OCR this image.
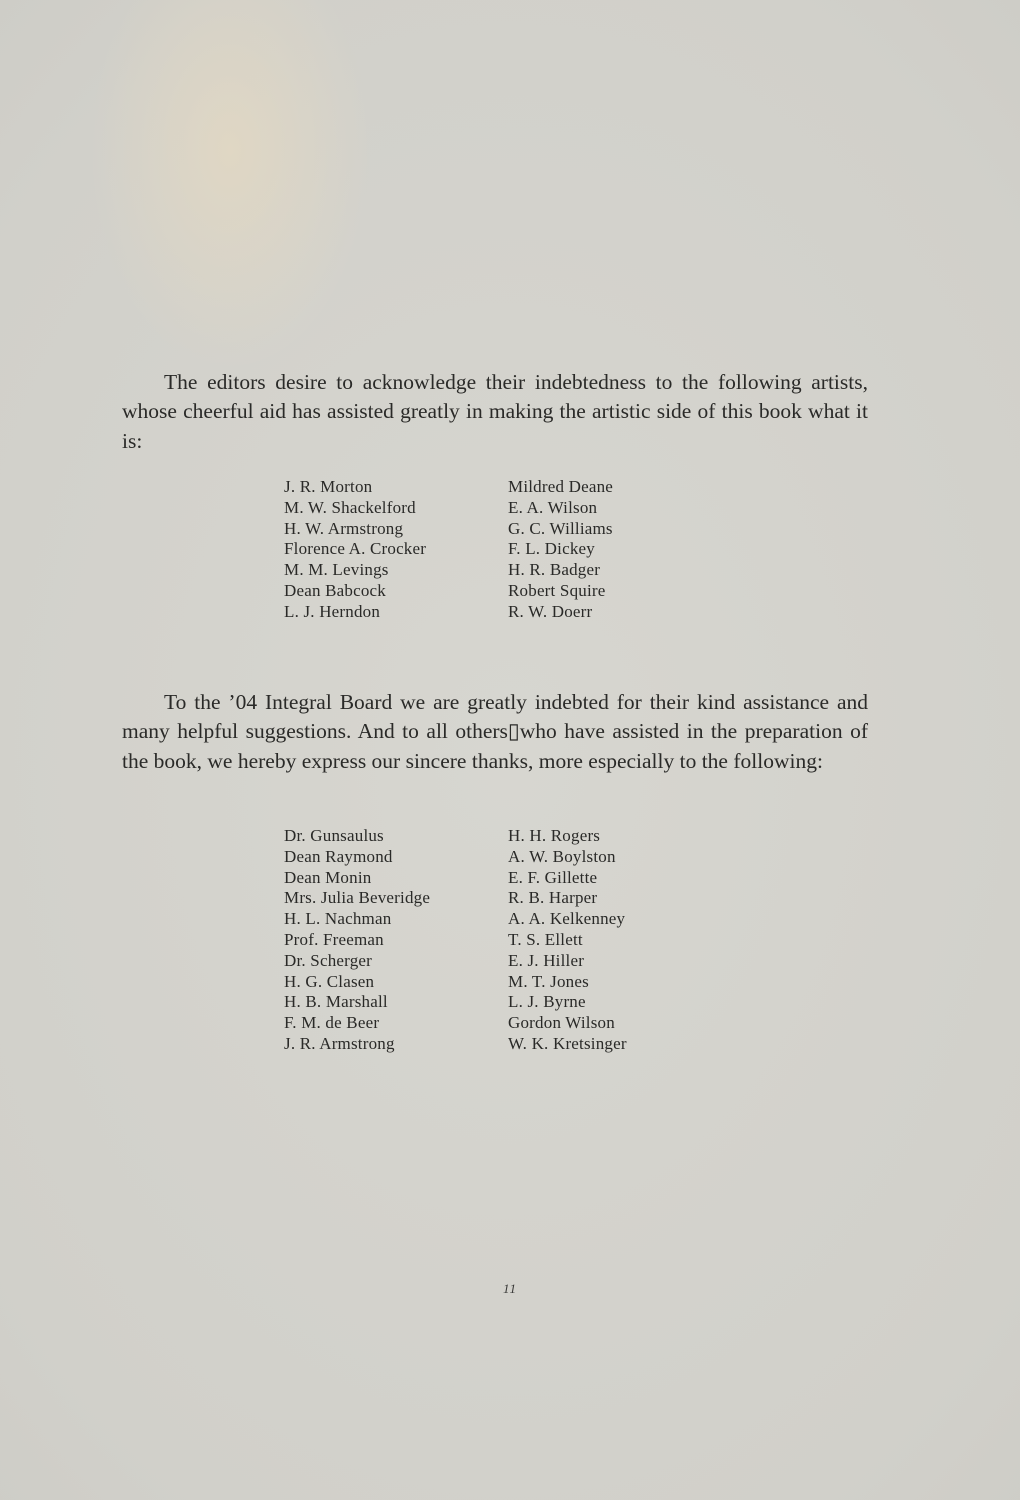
The editors desire to acknowledge their indebtedness to the following artists, whose cheerful aid has assisted greatly in making the artistic side of this book what it is:

J. R. Morton
M. W. Shackelford
H. W. Armstrong
Florence A. Crocker
M. M. Levings
Dean Babcock
L. J. Herndon
Mildred Deane
E. A. Wilson
G. C. Williams
F. L. Dickey
H. R. Badger
Robert Squire
R. W. Doerr

To the ’04 Integral Board we are greatly indebted for their kind assistance and many helpful suggestions. And to all others▯who have assisted in the preparation of the book, we hereby express our sincere thanks, more especially to the following:

Dr. Gunsaulus
Dean Raymond
Dean Monin
Mrs. Julia Beveridge
H. L. Nachman
Prof. Freeman
Dr. Scherger
H. G. Clasen
H. B. Marshall
F. M. de Beer
J. R. Armstrong
H. H. Rogers
A. W. Boylston
E. F. Gillette
R. B. Harper
A. A. Kelkenney
T. S. Ellett
E. J. Hiller
M. T. Jones
L. J. Byrne
Gordon Wilson
W. K. Kretsinger
11
